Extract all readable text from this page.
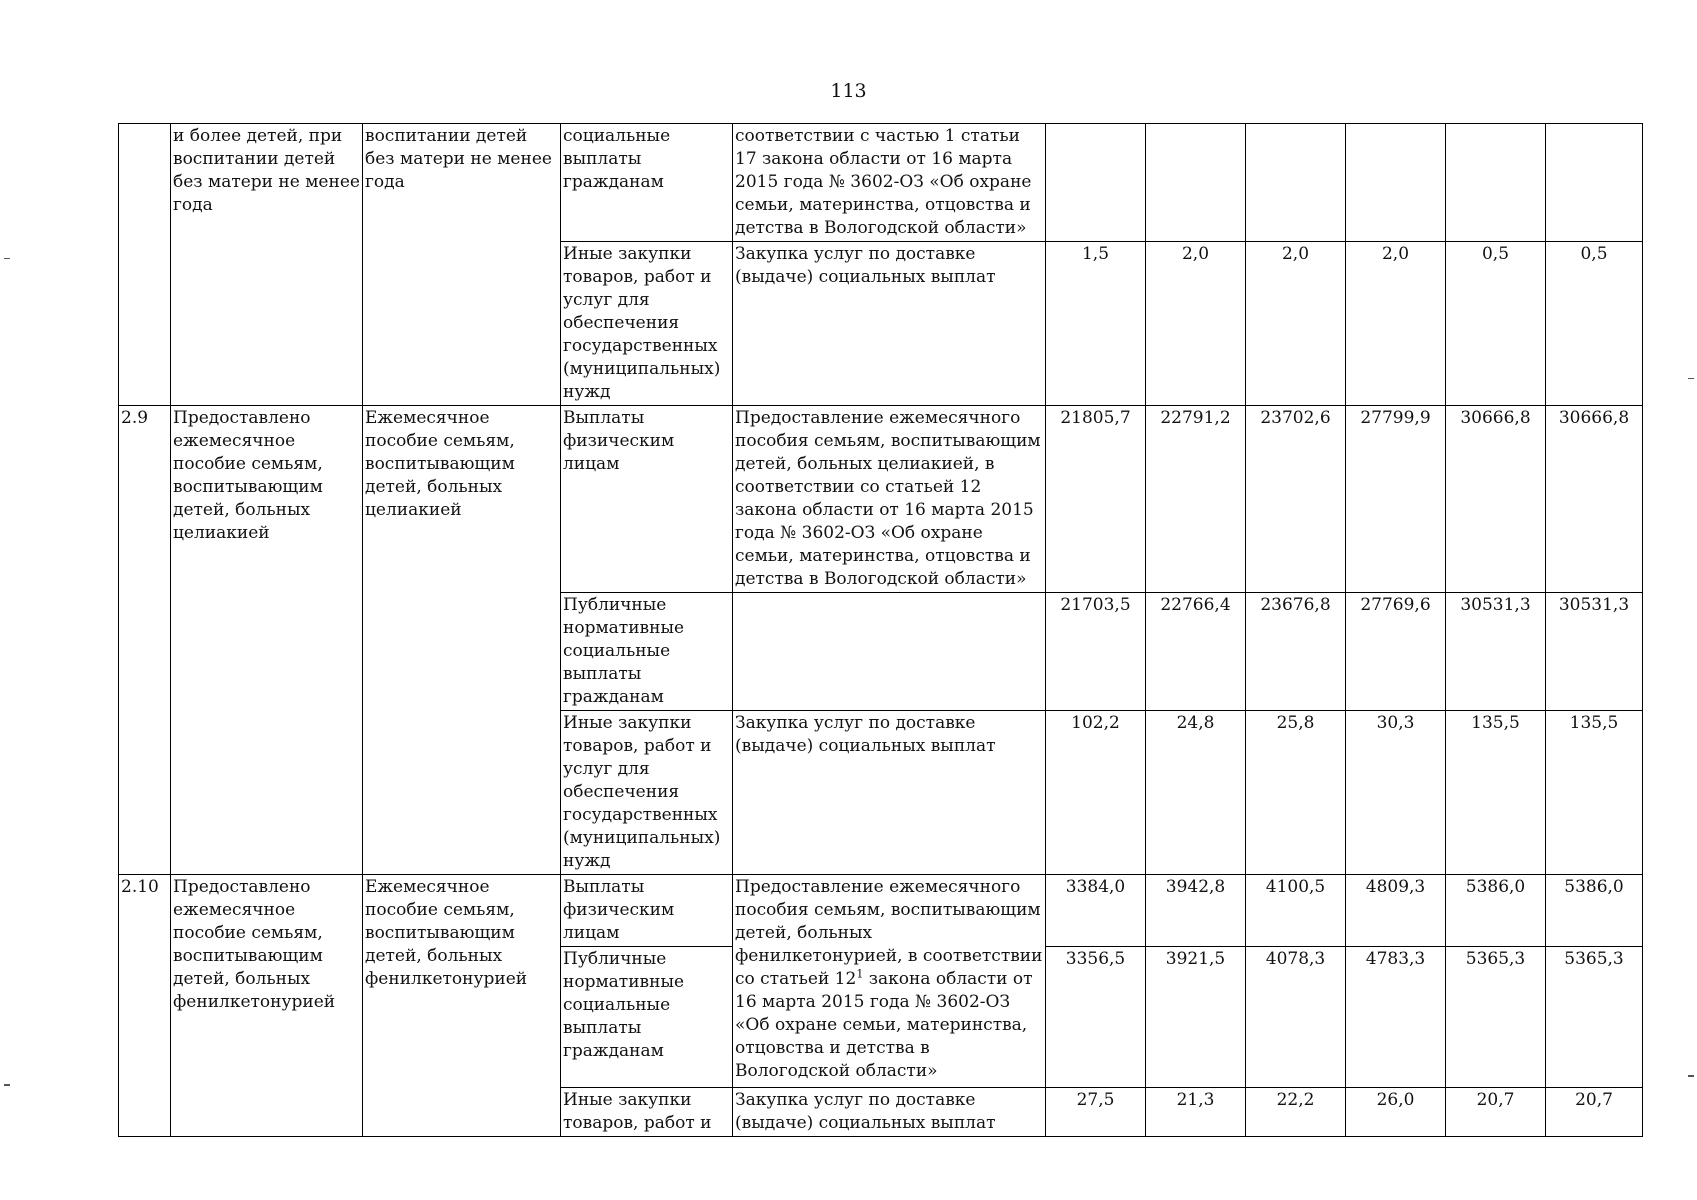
113
	и более детей, при воспитании детей без матери не менее года	воспитании детей без матери не менее года	социальные выплаты гражданам	соответствии с частью 1 статьи 17 закона области от 16 марта 2015 года № 3602-ОЗ «Об охране семьи, материнства, отцовства и детства в Вологодской области»						
			Иные закупки товаров, работ и услуг для обеспечения государственных (муниципальных) нужд	Закупка услуг по доставке (выдаче) социальных выплат	1,5	2,0	2,0	2,0	0,5	0,5
2.9	Предоставлено ежемесячное пособие семьям, воспитывающим детей, больных целиакией	Ежемесячное пособие семьям, воспитывающим детей, больных целиакией	Выплаты физическим лицам	Предоставление ежемесячного пособия семьям, воспитывающим детей, больных целиакией, в соответствии со статьей 12 закона области от 16 марта 2015 года № 3602-ОЗ «Об охране семьи, материнства, отцовства и детства в Вологодской области»	21805,7	22791,2	23702,6	27799,9	30666,8	30666,8
			Публичные нормативные социальные выплаты гражданам		21703,5	22766,4	23676,8	27769,6	30531,3	30531,3
			Иные закупки товаров, работ и услуг для обеспечения государственных (муниципальных) нужд	Закупка услуг по доставке (выдаче) социальных выплат	102,2	24,8	25,8	30,3	135,5	135,5
2.10	Предоставлено ежемесячное пособие семьям, воспитывающим детей, больных фенилкетонурией	Ежемесячное пособие семьям, воспитывающим детей, больных фенилкетонурией	Выплаты физическим лицам	Предоставление ежемесячного пособия семьям, воспитывающим детей, больных фенилкетонурией, в соответствии со статьей $12^1$ закона области от 16 марта 2015 года № 3602-ОЗ «Об охране семьи, материнства, отцовства и детства в Вологодской области»	3384,0	3942,8	4100,5	4809,3	5386,0	5386,0
			Публичные нормативные социальные выплаты гражданам		3356,5	3921,5	4078,3	4783,3	5365,3	5365,3
			Иные закупки товаров, работ и	Закупка услуг по доставке (выдаче) социальных выплат	27,5	21,3	22,2	26,0	20,7	20,7
